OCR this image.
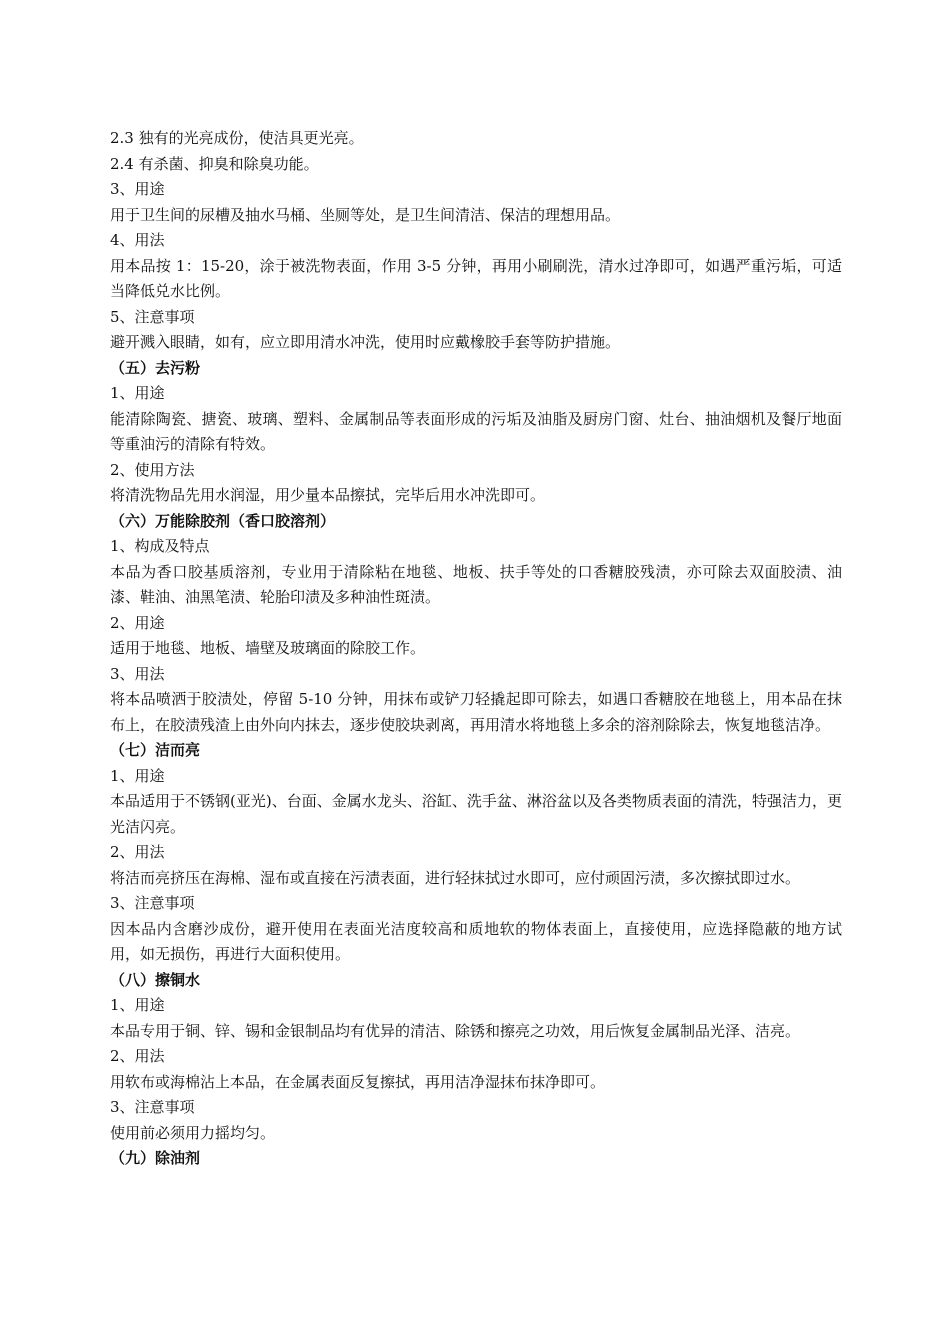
2.3 独有的光亮成份，使洁具更光亮。

2.4 有杀菌、抑臭和除臭功能。

3、用途

用于卫生间的尿槽及抽水马桶、坐厕等处，是卫生间清洁、保洁的理想用品。

4、用法

用本品按 1：15-20，涂于被洗物表面，作用 3-5 分钟，再用小刷刷洗，清水过净即可，如遇严重污垢，可适当降低兑水比例。

5、注意事项

避开溅入眼睛，如有，应立即用清水冲洗，使用时应戴橡胶手套等防护措施。

（五）去污粉

1、用途

能清除陶瓷、搪瓷、玻璃、塑料、金属制品等表面形成的污垢及油脂及厨房门窗、灶台、抽油烟机及餐厅地面等重油污的清除有特效。

2、使用方法

将清洗物品先用水润湿，用少量本品擦拭，完毕后用水冲洗即可。

（六）万能除胶剂（香口胶溶剂）

1、构成及特点

本品为香口胶基质溶剂，专业用于清除粘在地毯、地板、扶手等处的口香糖胶残渍，亦可除去双面胶渍、油漆、鞋油、油黑笔渍、轮胎印渍及多种油性斑渍。

2、用途

适用于地毯、地板、墙壁及玻璃面的除胶工作。

3、用法

将本品喷洒于胶渍处，停留 5-10 分钟，用抹布或铲刀轻撬起即可除去，如遇口香糖胶在地毯上，用本品在抹布上，在胶渍残渣上由外向内抹去，逐步使胶块剥离，再用清水将地毯上多余的溶剂除除去，恢复地毯洁净。

（七）洁而亮

1、用途

本品适用于不锈钢(亚光)、台面、金属水龙头、浴缸、洗手盆、淋浴盆以及各类物质表面的清洗，特强洁力，更光洁闪亮。

2、用法

将洁而亮挤压在海棉、湿布或直接在污渍表面，进行轻抹拭过水即可，应付顽固污渍，多次擦拭即过水。

3、注意事项

因本品内含磨沙成份，避开使用在表面光洁度较高和质地软的物体表面上，直接使用，应选择隐蔽的地方试用，如无损伤，再进行大面积使用。

（八）擦铜水

1、用途

本品专用于铜、锌、锡和金银制品均有优异的清洁、除锈和擦亮之功效，用后恢复金属制品光泽、洁亮。

2、用法

用软布或海棉沾上本品，在金属表面反复擦拭，再用洁净湿抹布抹净即可。

3、注意事项

使用前必须用力摇均匀。

（九）除油剂
